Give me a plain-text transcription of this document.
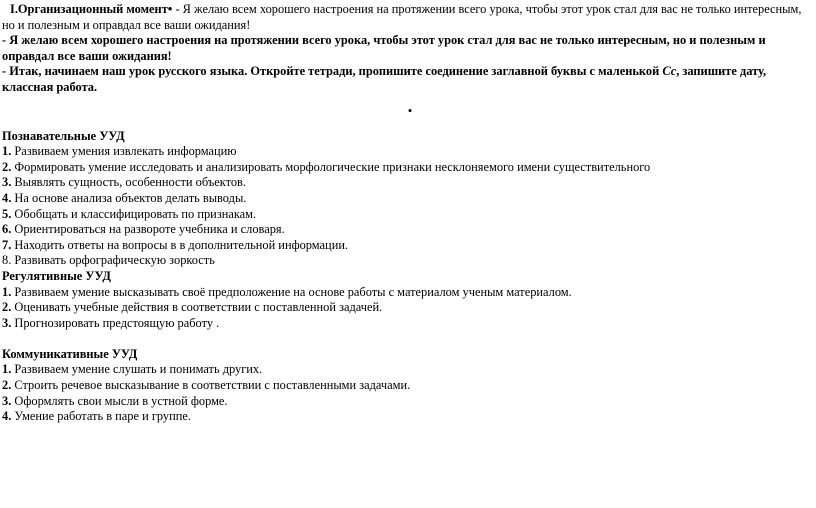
I.Организационный момент• - Я желаю всем хорошего настроения на протяжении всего урока, чтобы этот урок стал для вас не только интересным, но и полезным и оправдал все ваши ожидания!

- Я желаю всем хорошего настроения на протяжении всего урока, чтобы этот урок стал для вас не только интересным, но и полезным и оправдал все ваши ожидания!

- Итак, начинаем наш урок русского языка. Откройте тетради, пропишите соединение заглавной буквы с маленькой Сс, запишите дату, классная работа.

•

Познавательные УУД

1. Развиваем умения извлекать информацию
2. Формировать умение исследовать и анализировать морфологические признаки несклоняемого имени существительного
3. Выявлять сущность, особенности объектов.
4. На основе анализа объектов делать выводы.
5. Обобщать и классифицировать по признакам.
6. Ориентироваться на развороте учебника и словаря.
7. Находить ответы на вопросы в в дополнительной информации.
8. Развивать орфографическую зоркость

Регулятивные УУД

1. Развиваем умение высказывать своё предположение на основе работы с материалом ученым материалом.
2. Оценивать учебные действия в соответствии с поставленной задачей.
3. Прогнозировать предстоящую работу .

Коммуникативные УУД

1. Развиваем умение слушать и понимать других.
2. Строить речевое высказывание в соответствии с поставленными задачами.
3. Оформлять свои мысли в устной форме.
4. Умение работать в паре и группе.
